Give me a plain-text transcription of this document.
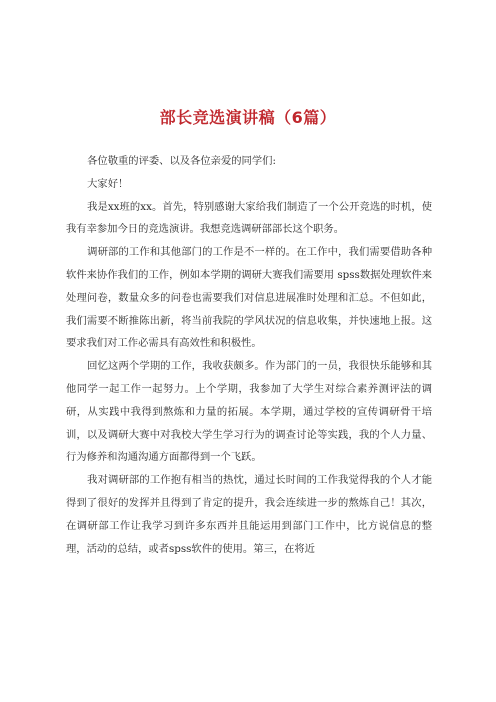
部长竞选演讲稿（6篇）

各位敬重的评委、以及各位亲爱的同学们:

大家好！

我是xx班的xx。首先，特别感谢大家给我们制造了一个公开竞选的时机，使我有幸参加今日的竞选演讲。我想竞选调研部部长这个职务。

调研部的工作和其他部门的工作是不一样的。在工作中，我们需要借助各种软件来协作我们的工作，例如本学期的调研大赛我们需要用 spss数据处理软件来处理问卷，数量众多的问卷也需要我们对信息进展准时处理和汇总。不但如此，我们需要不断推陈出新，将当前我院的学风状况的信息收集，并快速地上报。这要求我们对工作必需具有高效性和积极性。

回忆这两个学期的工作，我收获颇多。作为部门的一员，我很快乐能够和其他同学一起工作一起努力。上个学期，我参加了大学生对综合素养测评法的调研，从实践中我得到熬炼和力量的拓展。本学期，通过学校的宣传调研骨干培训，以及调研大赛中对我校大学生学习行为的调查讨论等实践，我的个人力量、行为修养和沟通沟通方面都得到一个飞跃。

我对调研部的工作抱有相当的热忱，通过长时间的工作我觉得我的个人才能得到了很好的发挥并且得到了肯定的提升，我会连续进一步的熬炼自己！其次，在调研部工作让我学习到许多东西并且能运用到部门工作中，比方说信息的整理，活动的总结，或者spss软件的使用。第三，在将近
